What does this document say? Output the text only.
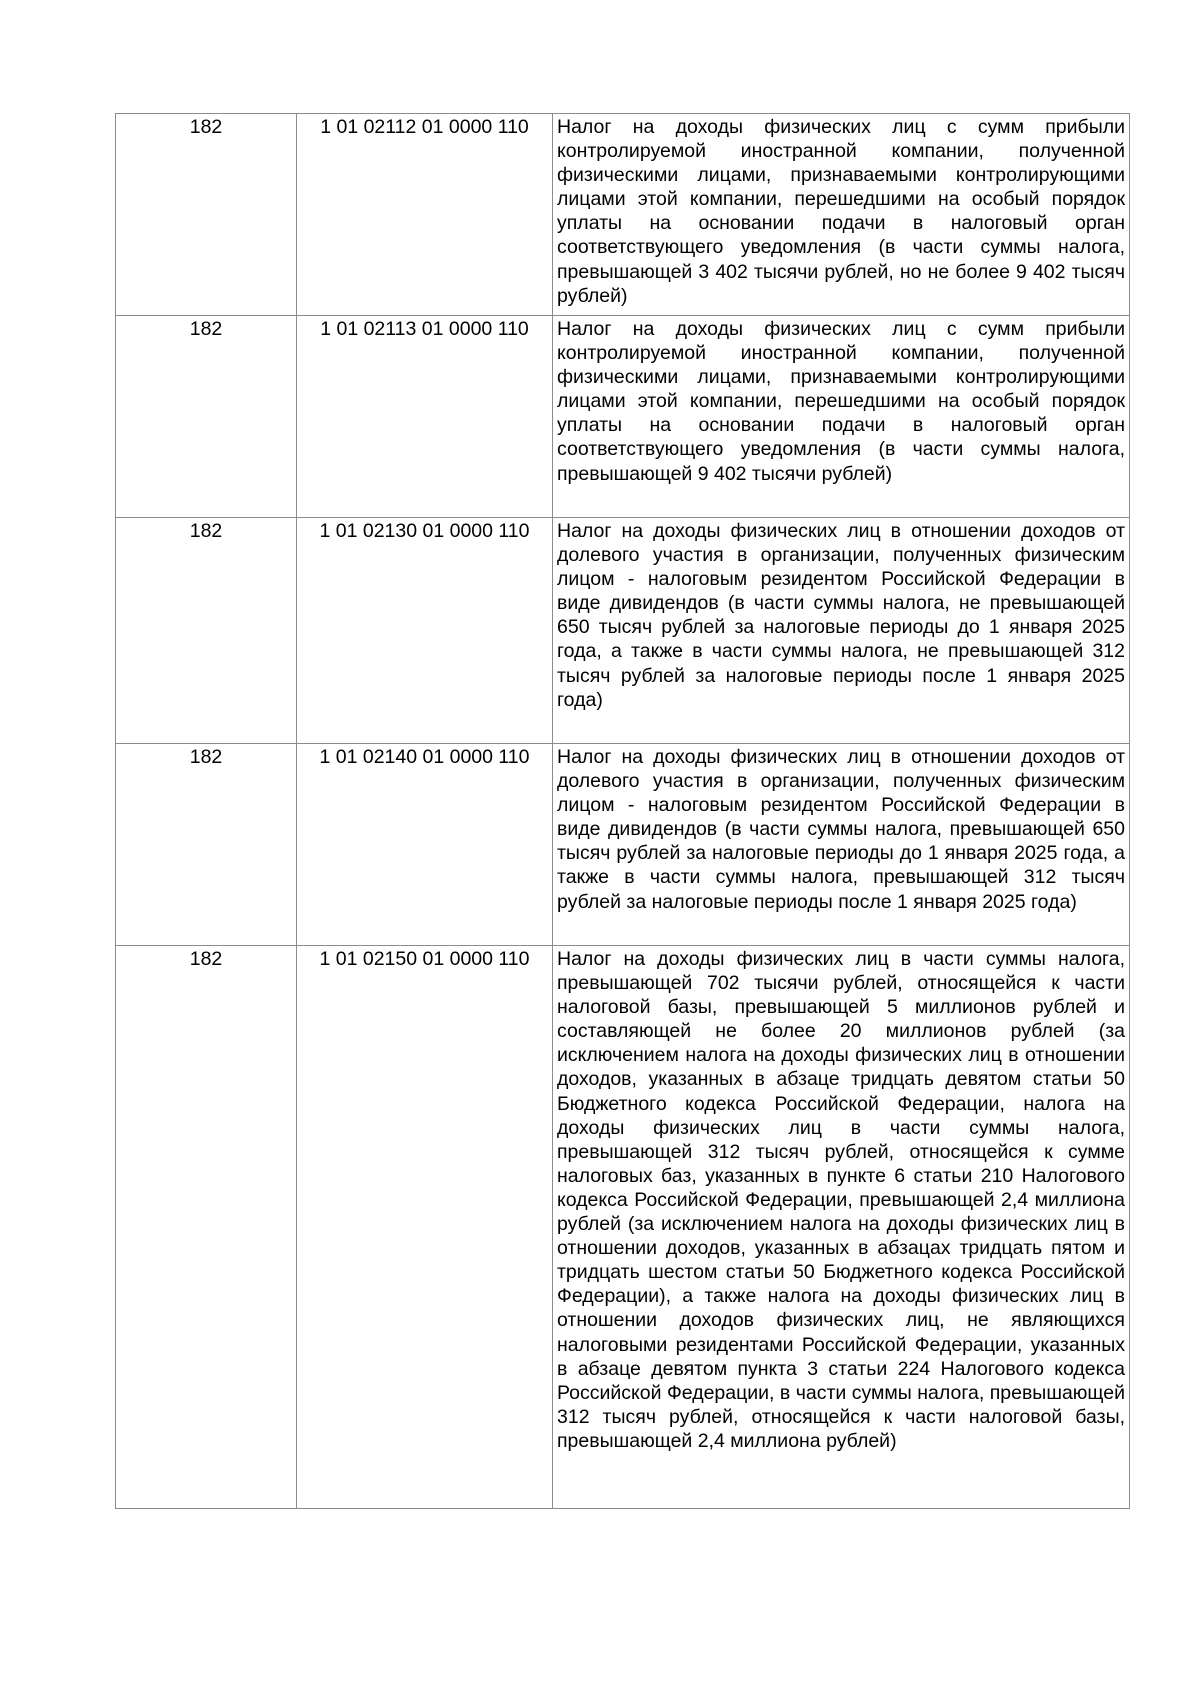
182	1 01 02112 01 0000 110	Налог на доходы физических лиц с сумм прибыли контролируемой иностранной компании, полученной физическими лицами, признаваемыми контролирующими лицами этой компании, перешедшими на особый порядок уплаты на основании подачи в налоговый орган соответствующего уведомления (в части суммы налога, превышающей 3 402 тысячи рублей, но не более 9 402 тысяч рублей)
182	1 01 02113 01 0000 110	Налог на доходы физических лиц с сумм прибыли контролируемой иностранной компании, полученной физическими лицами, признаваемыми контролирующими лицами этой компании, перешедшими на особый порядок уплаты на основании подачи в налоговый орган соответствующего уведомления (в части суммы налога, превышающей 9 402 тысячи рублей)
182	1 01 02130 01 0000 110	Налог на доходы физических лиц в отношении доходов от долевого участия в организации, полученных физическим лицом - налоговым резидентом Российской Федерации в виде дивидендов (в части суммы налога, не превышающей 650 тысяч рублей за налоговые периоды до 1 января 2025 года, а также в части суммы налога, не превышающей 312 тысяч рублей за налоговые периоды после 1 января 2025 года)
182	1 01 02140 01 0000 110	Налог на доходы физических лиц в отношении доходов от долевого участия в организации, полученных физическим лицом - налоговым резидентом Российской Федерации в виде дивидендов (в части суммы налога, превышающей 650 тысяч рублей за налоговые периоды до 1 января 2025 года, а также в части суммы налога, превышающей 312 тысяч рублей за налоговые периоды после 1 января 2025 года)
182	1 01 02150 01 0000 110	Налог на доходы физических лиц в части суммы налога, превышающей 702 тысячи рублей, относящейся к части налоговой базы, превышающей 5 миллионов рублей и составляющей не более 20 миллионов рублей (за исключением налога на доходы физических лиц в отношении доходов, указанных в абзаце тридцать девятом статьи 50 Бюджетного кодекса Российской Федерации, налога на доходы физических лиц в части суммы налога, превышающей 312 тысяч рублей, относящейся к сумме налоговых баз, указанных в пункте 6 статьи 210 Налогового кодекса Российской Федерации, превышающей 2,4 миллиона рублей (за исключением налога на доходы физических лиц в отношении доходов, указанных в абзацах тридцать пятом и тридцать шестом статьи 50 Бюджетного кодекса Российской Федерации), а также налога на доходы физических лиц в отношении доходов физических лиц, не являющихся налоговыми резидентами Российской Федерации, указанных в абзаце девятом пункта 3 статьи 224 Налогового кодекса Российской Федерации, в части суммы налога, превышающей 312 тысяч рублей, относящейся к части налоговой базы, превышающей 2,4 миллиона рублей)
